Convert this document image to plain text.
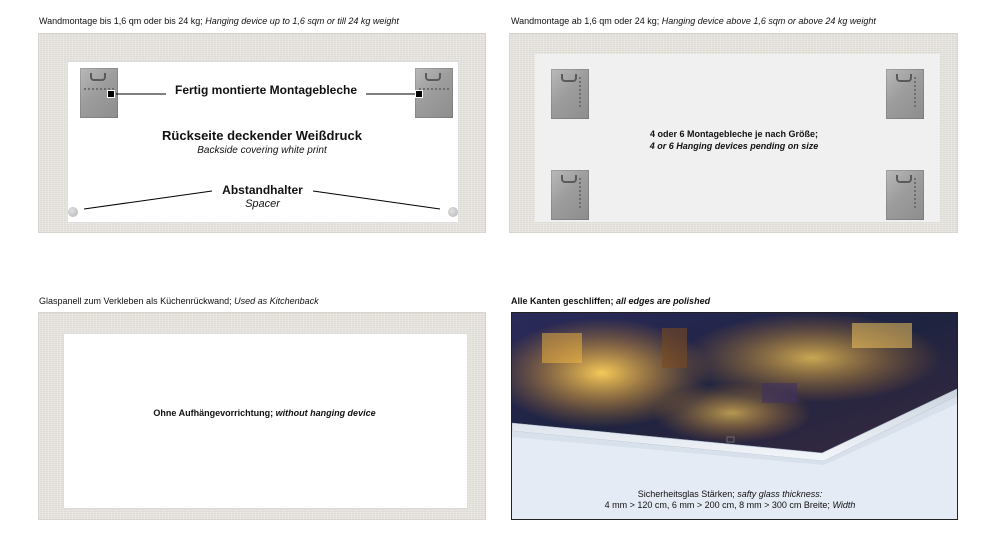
Wandmontage bis 1,6 qm oder bis 24 kg; Hanging device up to 1,6 sqm or till 24 kg weight
Fertig montierte Montagebleche
Rückseite deckender Weißdruck
Backside covering white print
Abstandhalter
Spacer
Wandmontage ab 1,6 qm oder 24 kg; Hanging device above 1,6 sqm or above 24 kg weight
4 oder 6 Montagebleche je nach Größe;
4 or 6 Hanging devices pending on size
Glaspanell zum Verkleben als Küchenrückwand; Used as Kitchenback
Ohne Aufhängevorrichtung; without hanging device
Alle Kanten geschliffen; all edges are polished
Sicherheitsglas Stärken; safty glass thickness:
4 mm > 120 cm, 6 mm > 200 cm, 8 mm > 300 cm Breite; Width
